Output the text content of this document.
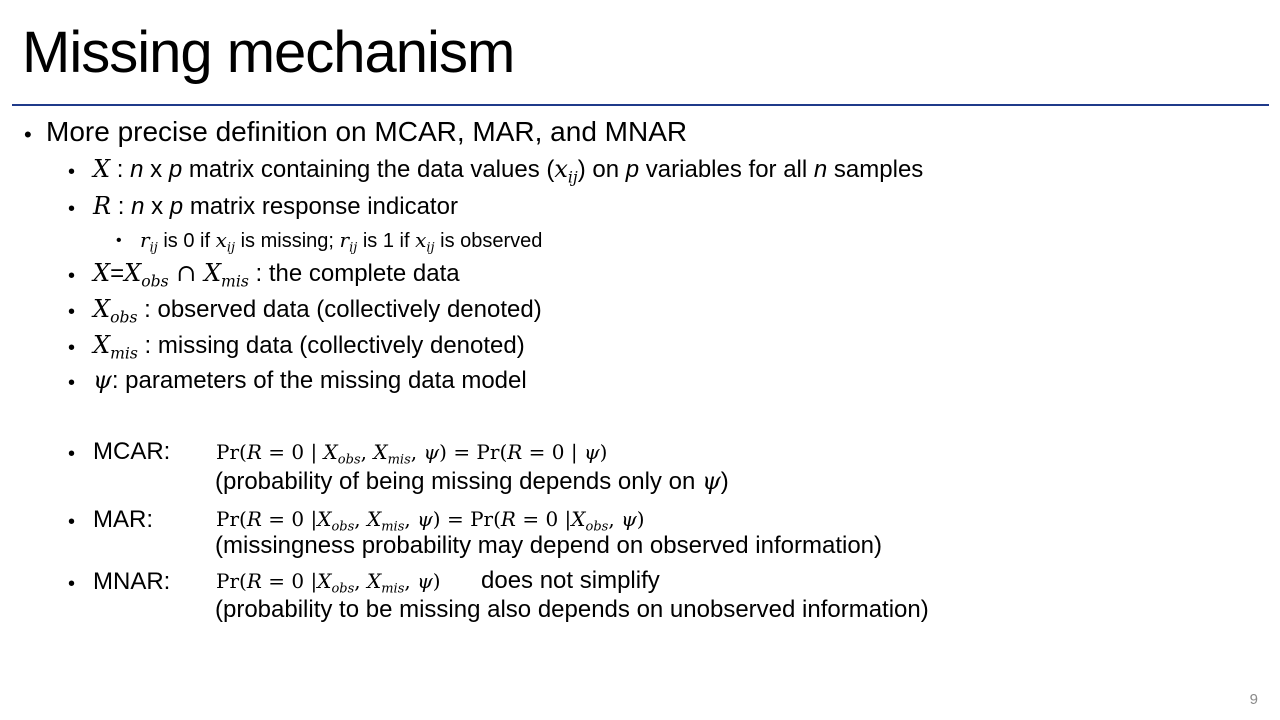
Missing mechanism
• More precise definition on MCAR, MAR, and MNAR
• X : n x p matrix containing the data values $(x_{ij})$ on p variables for all n samples
• R : n x p matrix response indicator
• $r_{ij}$ is 0 if $x_{ij}$ is missing; $r_{ij}$ is 1 if $x_{ij}$ is observed
• $X=X_{obs}$ ∩ $X_{mis}$ : the complete data
• $X_{obs}$ : observed data (collectively denoted)
• $X_{mis}$ : missing data (collectively denoted)
• ψ: parameters of the missing data model
• MCAR: Pr(R = 0 | $X_{obs}$, $X_{mis}$, ψ) = Pr(R = 0 | ψ)
(probability of being missing depends only on ψ)
• MAR:	Pr(R = 0 $|X_{obs}$, $X_{mis}$, ψ) = Pr(R = 0 $|X_{obs}$, ψ)
(missingness probability may depend on observed information)
• MNAR: Pr(R = 0 $|X_{obs}$, $X_{mis}$, ψ) does not simplify
(probability to be missing also depends on unobserved information)
9
